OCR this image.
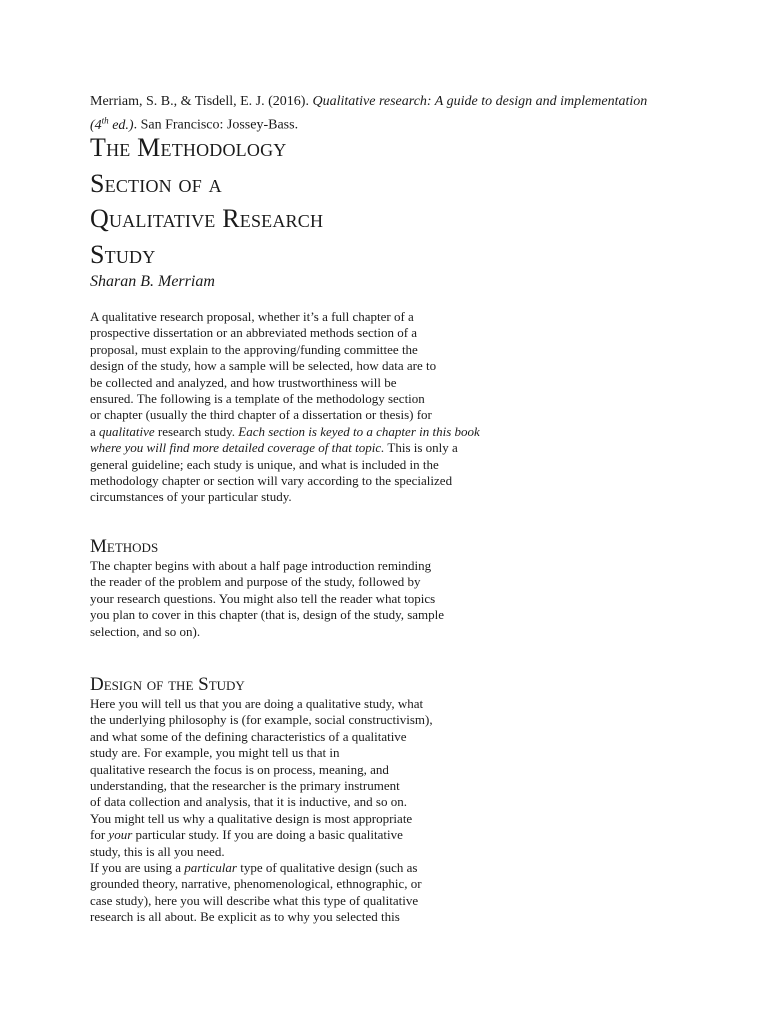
Merriam, S. B., & Tisdell, E. J. (2016). Qualitative research: A guide to design and implementation (4th ed.). San Francisco: Jossey-Bass.

The Methodology
Section of a
Qualitative Research
Study

Sharan B. Merriam

A qualitative research proposal, whether it’s a full chapter of a
prospective dissertation or an abbreviated methods section of a
proposal, must explain to the approving/funding committee the
design of the study, how a sample will be selected, how data are to
be collected and analyzed, and how trustworthiness will be
ensured. The following is a template of the methodology section
or chapter (usually the third chapter of a dissertation or thesis) for
a qualitative research study. Each section is keyed to a chapter in this book
where you will find more detailed coverage of that topic. This is only a
general guideline; each study is unique, and what is included in the
methodology chapter or section will vary according to the specialized
circumstances of your particular study.
Methods
The chapter begins with about a half page introduction reminding
the reader of the problem and purpose of the study, followed by
your research questions. You might also tell the reader what topics
you plan to cover in this chapter (that is, design of the study, sample
selection, and so on).
Design of the Study
Here you will tell us that you are doing a qualitative study, what
the underlying philosophy is (for example, social constructivism),
and what some of the defining characteristics of a qualitative
study are. For example, you might tell us that in
qualitative research the focus is on process, meaning, and
understanding, that the researcher is the primary instrument
of data collection and analysis, that it is inductive, and so on.
You might tell us why a qualitative design is most appropriate
for your particular study. If you are doing a basic qualitative
study, this is all you need.
If you are using a particular type of qualitative design (such as
grounded theory, narrative, phenomenological, ethnographic, or
case study), here you will describe what this type of qualitative
research is all about. Be explicit as to why you selected this
